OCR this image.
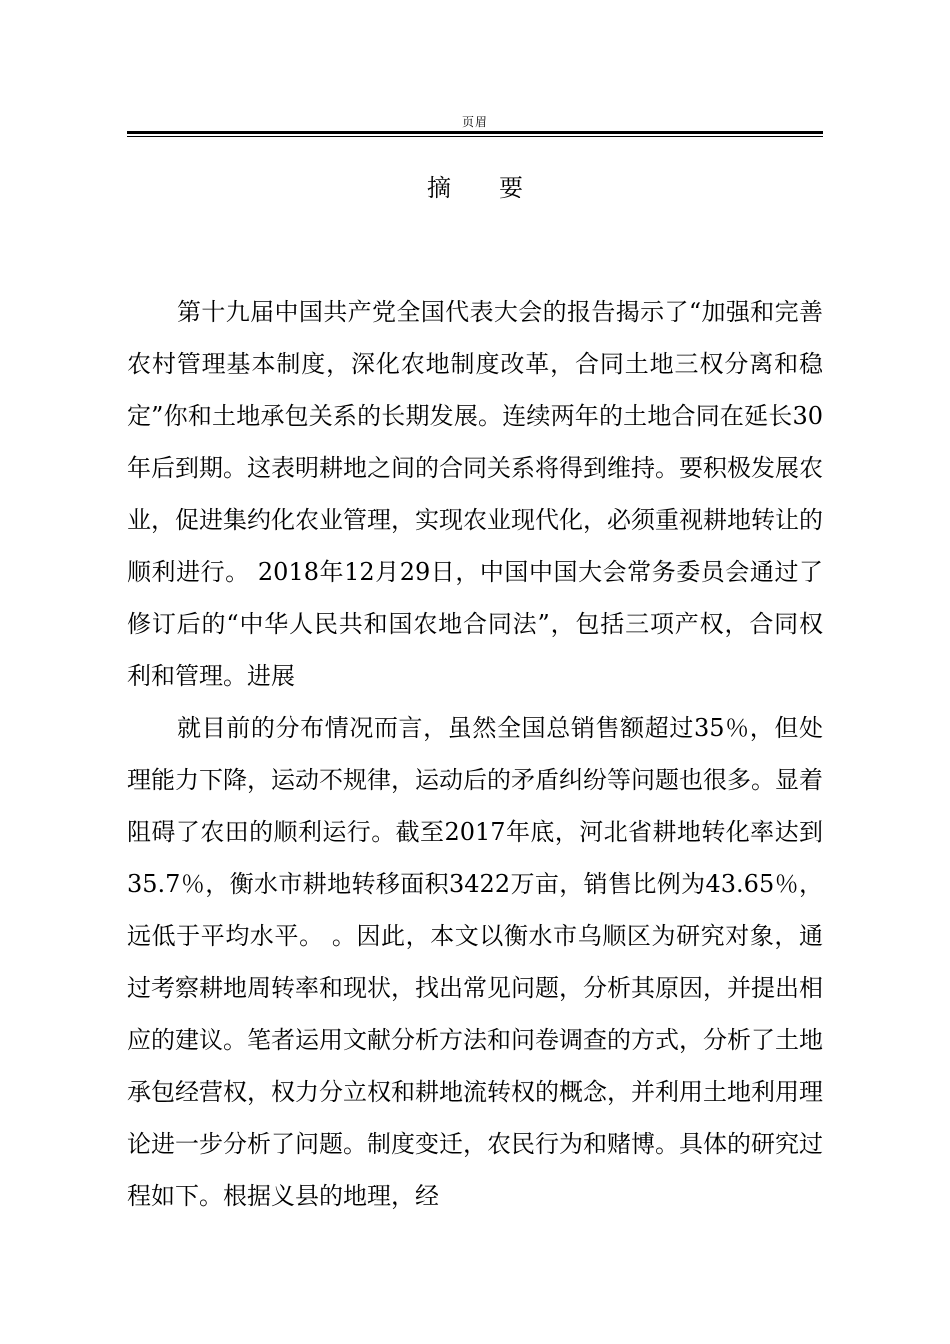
页眉
摘　要

第十九届中国共产党全国代表大会的报告揭示了“加强和完善农村管理基本制度，深化农地制度改革，合同土地三权分离和稳定”你和土地承包关系的长期发展。连续两年的土地合同在延长30年后到期。这表明耕地之间的合同关系将得到维持。要积极发展农业，促进集约化农业管理，实现农业现代化，必须重视耕地转让的顺利进行。 2018年12月29日，中国中国大会常务委员会通过了修订后的“中华人民共和国农地合同法”，包括三项产权，合同权利和管理。进展

就目前的分布情况而言，虽然全国总销售额超过35％，但处理能力下降，运动不规律，运动后的矛盾纠纷等问题也很多。显着阻碍了农田的顺利运行。截至2017年底，河北省耕地转化率达到35.7％，衡水市耕地转移面积3422万亩，销售比例为43.65％，远低于平均水平。 。因此，本文以衡水市乌顺区为研究对象，通过考察耕地周转率和现状，找出常见问题，分析其原因，并提出相应的建议。笔者运用文献分析方法和问卷调查的方式，分析了土地承包经营权，权力分立权和耕地流转权的概念，并利用土地利用理论进一步分析了问题。制度变迁，农民行为和赌博。具体的研究过程如下。根据义县的地理，经
